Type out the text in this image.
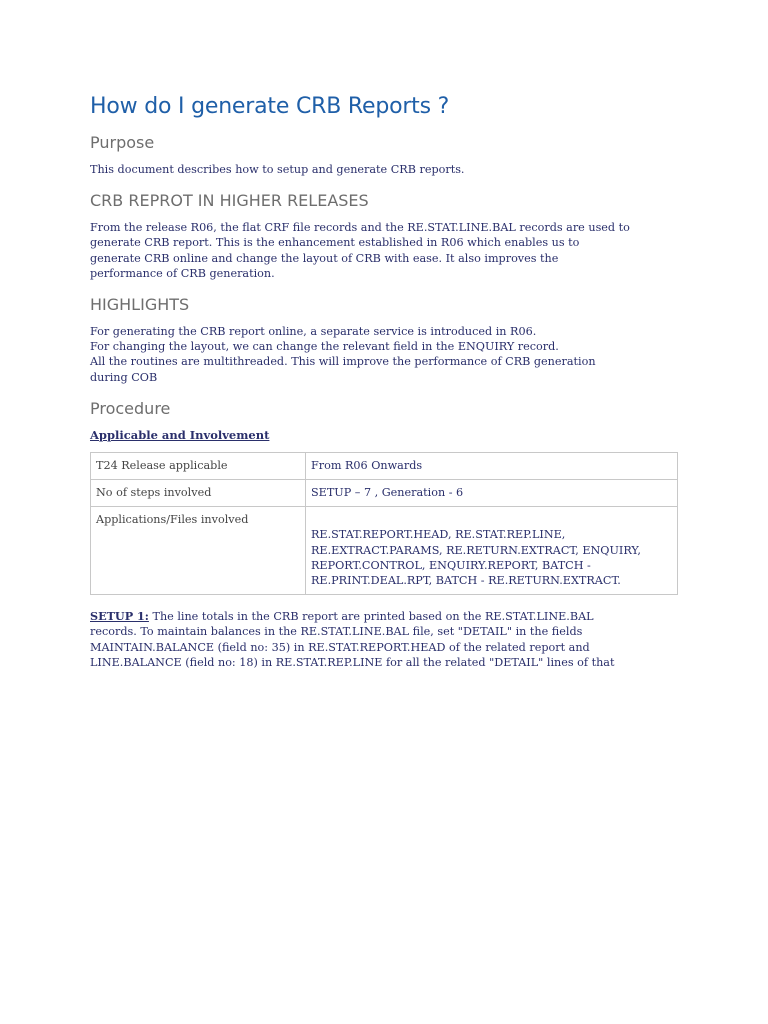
How do I generate CRB Reports ?
Purpose

This document describes how to setup and generate CRB reports.

CRB REPROT IN HIGHER RELEASES

From the release R06, the flat CRF file records and the RE.STAT.LINE.BAL records are used to
generate CRB report. This is the enhancement established in R06 which enables us to
generate CRB online and change the layout of CRB with ease. It also improves the
performance of CRB generation.

HIGHLIGHTS

For generating the CRB report online, a separate service is introduced in R06.
For changing the layout, we can change the relevant field in the ENQUIRY record.
All the routines are multithreaded. This will improve the performance of CRB generation
during COB

Procedure
Applicable and Involvement
T24 Release applicable	From R06 Onwards

No of steps involved	SETUP – 7 , Generation - 6

Applications/Files involved	RE.STAT.REPORT.HEAD, RE.STAT.REP.LINE,
RE.EXTRACT.PARAMS, RE.RETURN.EXTRACT, ENQUIRY,
REPORT.CONTROL, ENQUIRY.REPORT, BATCH -
RE.PRINT.DEAL.RPT, BATCH - RE.RETURN.EXTRACT.

SETUP 1: The line totals in the CRB report are printed based on the RE.STAT.LINE.BAL
records. To maintain balances in the RE.STAT.LINE.BAL file, set "DETAIL" in the fields
MAINTAIN.BALANCE (field no: 35) in RE.STAT.REPORT.HEAD of the related report and
LINE.BALANCE (field no: 18) in RE.STAT.REP.LINE for all the related "DETAIL" lines of that
